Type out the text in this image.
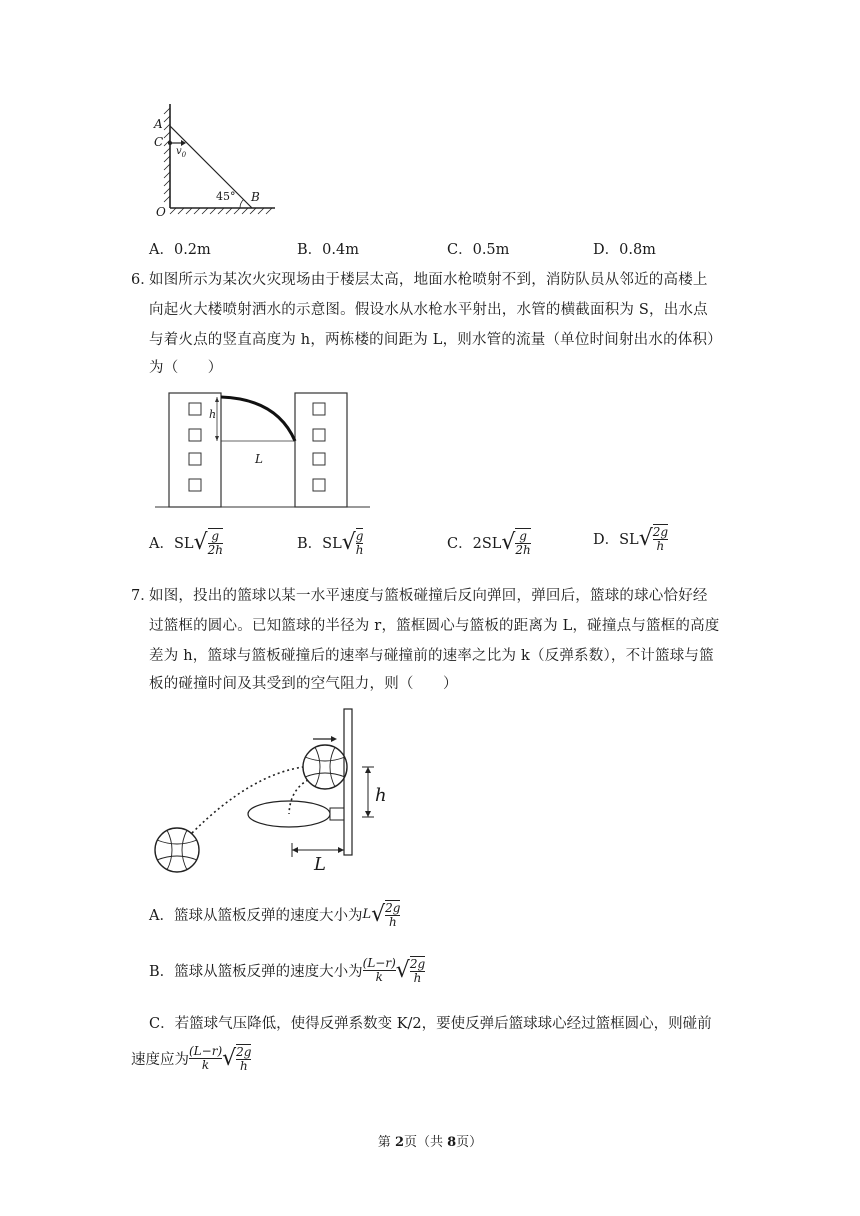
A
C
$v_0$
45° B
O
A．0.2m	B．0.4m	C．0.5m	D．0.8m
6．
如图所示为某次火灾现场由于楼层太高，地面水枪喷射不到，消防队员从邻近的高楼上
向起火大楼喷射洒水的示意图。假设水从水枪水平射出，水管的横截面积为 S，出水点
与着火点的竖直高度为 h，两栋楼的间距为 L，则水管的流量（单位时间射出水的体积）
为（　　）
h
L
A．$SL√ \frac{g}{2h}$	B．$SL√ \frac{g}{h}$	C．$2SL√ \frac{g}{2h}$	D．$SL√ \frac{2g}{h}$
7．
如图，投出的篮球以某一水平速度与篮板碰撞后反向弹回，弹回后，篮球的球心恰好经
过篮框的圆心。已知篮球的半径为 r，篮框圆心与篮板的距离为 L，碰撞点与篮框的高度
差为 h，篮球与篮板碰撞后的速率与碰撞前的速率之比为 k（反弹系数），不计篮球与篮
板的碰撞时间及其受到的空气阻力，则（　　）
h
L
A．篮球从篮板反弹的速度大小为$L√ \frac{2g}{h}$
B．篮球从篮板反弹的速度大小为 $\frac{(L-r)}{k}$ √ $\frac{2g}{h}$
C．若篮球气压降低，使得反弹系数变 K/2，要使反弹后篮球球心经过篮框圆心，则碰前
速度应为 $\frac{(L-r)}{k}$ √ $\frac{2g}{h}$
第 2页（共 8页）
